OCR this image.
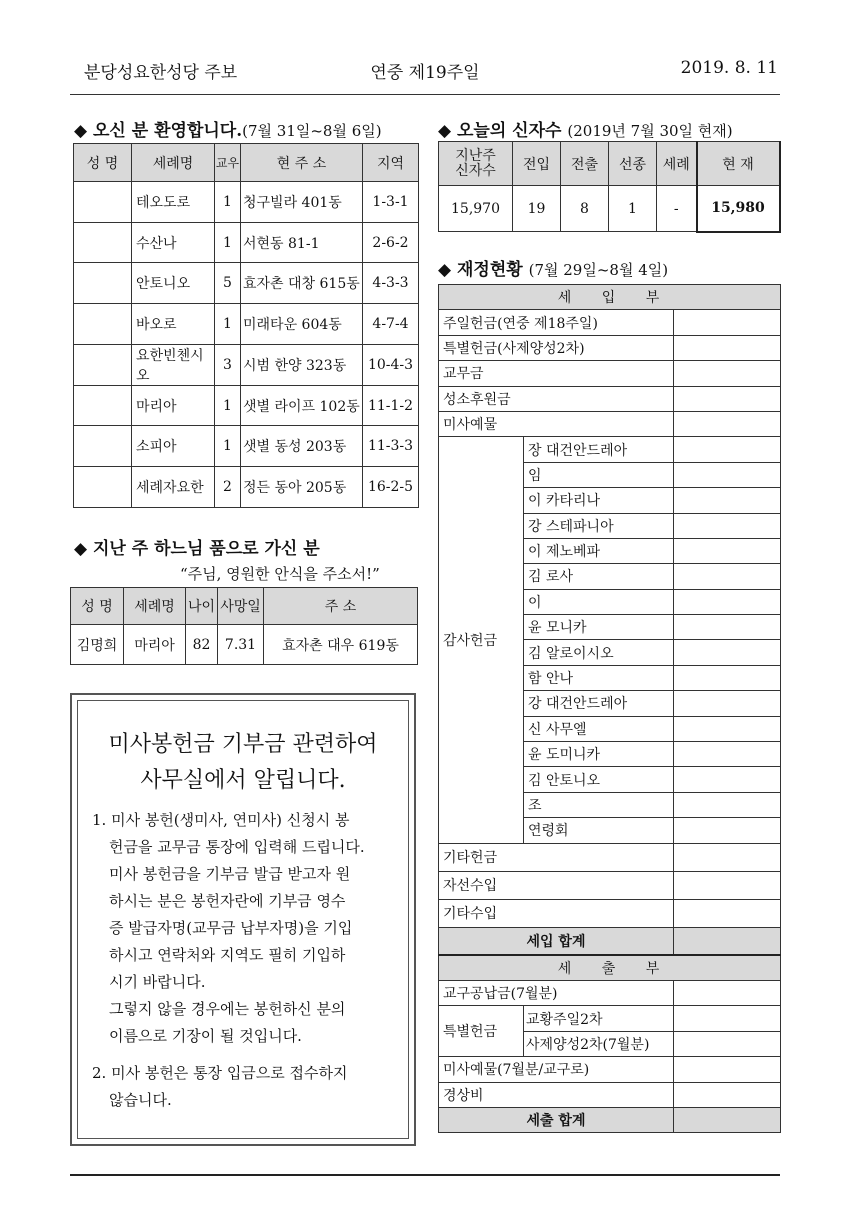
분당성요한성당 주보	연중 제19주일	2019. 8. 11
◆ 오신 분 환영합니다.(7월 31일~8월 6일)
성 명	세례명	교우	현 주 소	지역
	테오도로	1	청구빌라 401동	1-3-1
	수산나	1	서현동 81-1	2-6-2
	안토니오	5	효자촌 대창 615동	4-3-3
	바오로	1	미래타운 604동	4-7-4
	요한빈첸시오	3	시범 한양 323동	10-4-3
	마리아	1	샛별 라이프 102동	11-1-2
	소피아	1	샛별 동성 203동	11-3-3
	세례자요한	2	정든 동아 205동	16-2-5
◆ 지난 주 하느님 품으로 가신 분
“주님, 영원한 안식을 주소서!”
성 명	세례명	나이	사망일	주 소
김명희	마리아	82	7.31	효자촌 대우 619동
미사봉헌금 기부금 관련하여
사무실에서 알립니다.
1. 미사 봉헌(생미사, 연미사) 신청시 봉
헌금을 교무금 통장에 입력해 드립니다.
미사 봉헌금을 기부금 발급 받고자 원
하시는 분은 봉헌자란에 기부금 영수
증 발급자명(교무금 납부자명)을 기입
하시고 연락처와 지역도 필히 기입하
시기 바랍니다.
그렇지 않을 경우에는 봉헌하신 분의
이름으로 기장이 될 것입니다.
2. 미사 봉헌은 통장 입금으로 접수하지
않습니다.
◆ 오늘의 신자수 (2019년 7월 30일 현재)
지난주
신자수	전입	전출	선종	세례	현 재
15,970	19	8	1	-	15,980
◆ 재정현황 (7월 29일~8월 4일)
세 입 부		
주일헌금(연중 제18주일)		
특별헌금(사제양성2차)		
교무금		
성소후원금		
미사예물		
감사헌금	장 대건안드레아	
	임	
	이 카타리나	
	강 스테파니아	
	이 제노베파	
	김 로사	
	이	
	윤 모니카	
	김 알로이시오	
	함 안나	
	강 대건안드레아	
	신 사무엘	
	윤 도미니카	
	김 안토니오	
	조	
	연령회	
기타헌금		
자선수입		
기타수입		
세입 합계		
세 출 부		
교구공납금(7월분)		
특별헌금	교황주일2차	
	사제양성2차(7월분)	
미사예물(7월분/교구로)		
경상비		
세출 합계		
